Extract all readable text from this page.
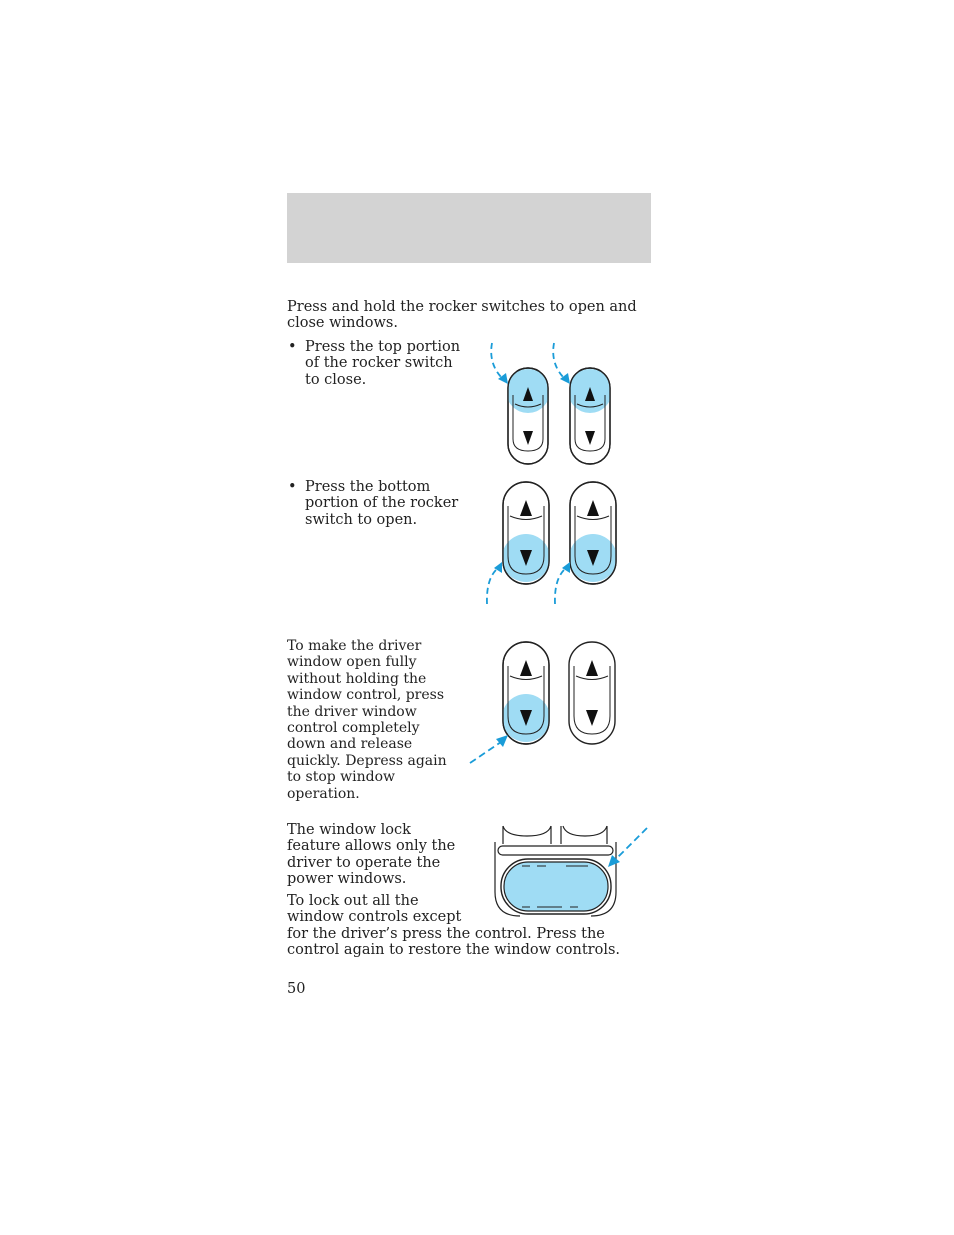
Press and hold the rocker switches to open and close windows.

• Press the top portion of the rocker switch to close.
• Press the bottom portion of the rocker switch to open.

To make the driver window open fully without holding the window control, press the driver window control completely down and release quickly. Depress again to stop window operation.

The window lock feature allows only the driver to operate the power windows.

To lock out all the window controls except

for the driver’s press the control. Press the control again to restore the window controls.

50
